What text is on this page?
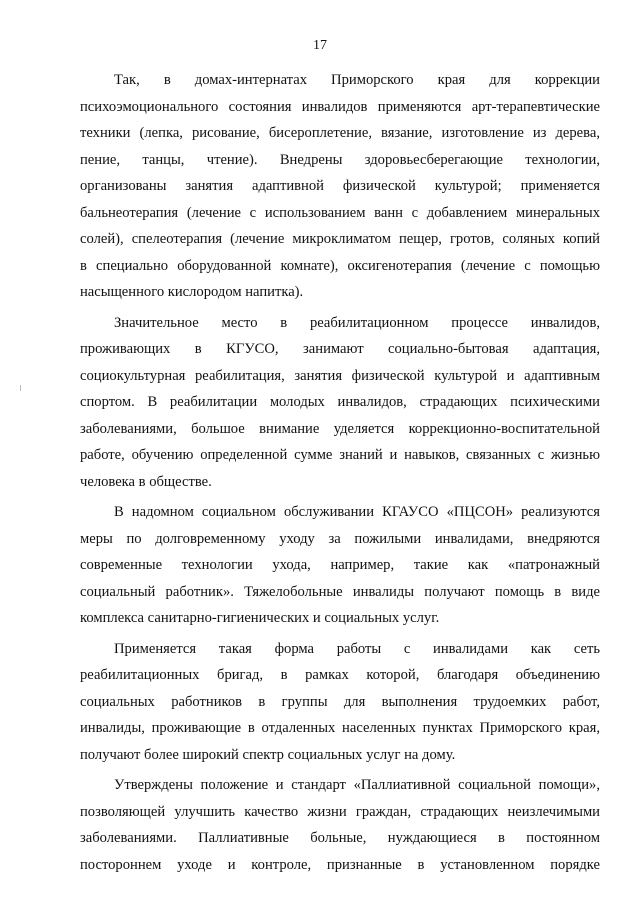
17

Так, в домах-интернатах Приморского края для коррекции

психоэмоционального состояния инвалидов применяются арт-терапевтические

техники (лепка, рисование, бисероплетение, вязание, изготовление из дерева,

пение, танцы, чтение). Внедрены здоровьесберегающие технологии,

организованы занятия адаптивной физической культурой; применяется

бальнеотерапия (лечение с использованием ванн с добавлением минеральных

солей), спелеотерапия (лечение микроклиматом пещер, гротов, соляных копий

в специально оборудованной комнате), оксигенотерапия (лечение с помощью

насыщенного кислородом напитка).

Значительное место в реабилитационном процессе инвалидов,

проживающих в КГУСО, занимают социально-бытовая адаптация,

социокультурная реабилитация, занятия физической культурой и адаптивным

спортом. В реабилитации молодых инвалидов, страдающих психическими

заболеваниями, большое внимание уделяется коррекционно-воспитательной

работе, обучению определенной сумме знаний и навыков, связанных с жизнью

человека в обществе.

В надомном социальном обслуживании КГАУСО «ПЦСОН» реализуются

меры по долговременному уходу за пожилыми инвалидами, внедряются

современные технологии ухода, например, такие как «патронажный

социальный работник». Тяжелобольные инвалиды получают помощь в виде

комплекса санитарно-гигиенических и социальных услуг.

Применяется такая форма работы с инвалидами как сеть

реабилитационных бригад, в рамках которой, благодаря объединению

социальных работников в группы для выполнения трудоемких работ,

инвалиды, проживающие в отдаленных населенных пунктах Приморского края,

получают более широкий спектр социальных услуг на дому.

Утверждены положение и стандарт «Паллиативной социальной помощи»,

позволяющей улучшить качество жизни граждан, страдающих неизлечимыми

заболеваниями. Паллиативные больные, нуждающиеся в постоянном

постороннем уходе и контроле, признанные в установленном порядке
